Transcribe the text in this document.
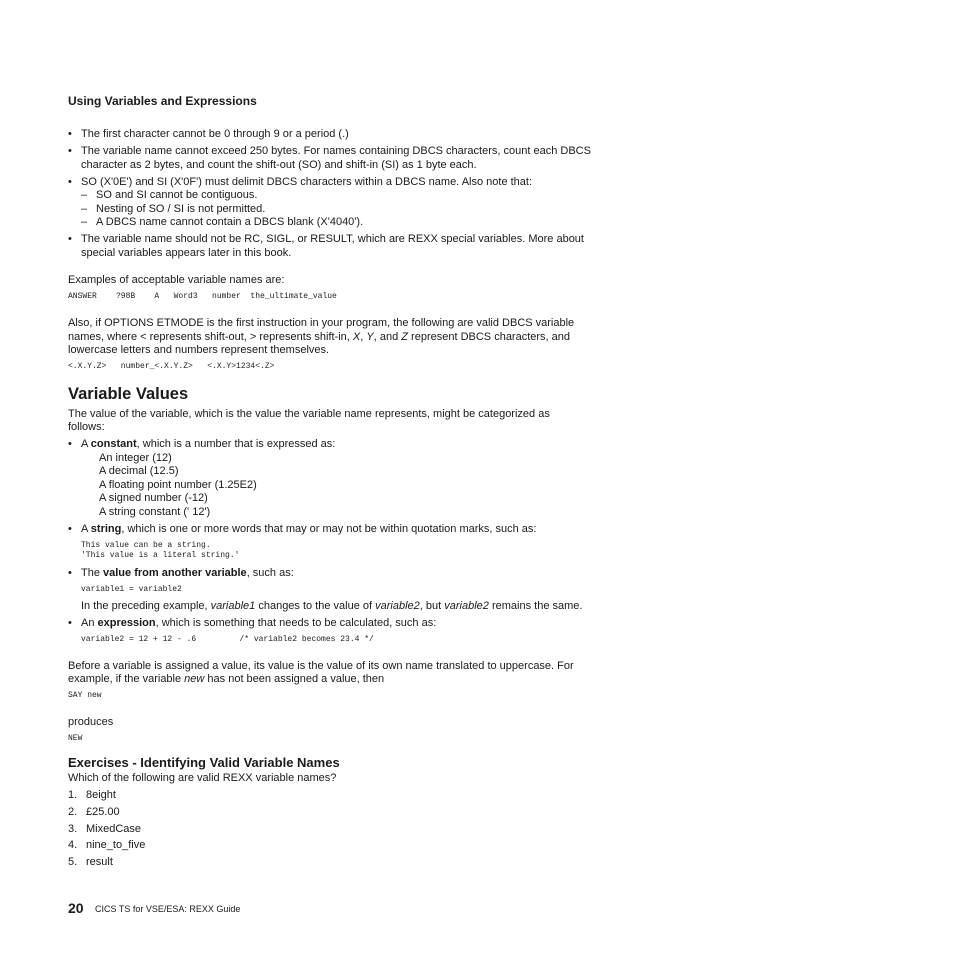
Using Variables and Expressions
• The first character cannot be 0 through 9 or a period (.)
• The variable name cannot exceed 250 bytes. For names containing DBCS characters, count each DBCS character as 2 bytes, and count the shift-out (SO) and shift-in (SI) as 1 byte each.
• SO (X'0E') and SI (X'0F') must delimit DBCS characters within a DBCS name. Also note that:
– SO and SI cannot be contiguous.
– Nesting of SO / SI is not permitted.
– A DBCS name cannot contain a DBCS blank (X'4040').
• The variable name should not be RC, SIGL, or RESULT, which are REXX special variables. More about special variables appears later in this book.
Examples of acceptable variable names are:
ANSWER    ?98B    A   Word3   number  the_ultimate_value
Also, if OPTIONS ETMODE is the first instruction in your program, the following are valid DBCS variable
names, where < represents shift-out, > represents shift-in, X, Y, and Z represent DBCS characters, and
lowercase letters and numbers represent themselves.
<.X.Y.Z>   number_<.X.Y.Z>   <.X.Y>1234<.Z>
Variable Values
The value of the variable, which is the value the variable name represents, might be categorized as
follows:
• A constant, which is a number that is expressed as:
An integer (12)
A decimal (12.5)
A floating point number (1.25E2)
A signed number (-12)
A string constant (' 12')
• A string, which is one or more words that may or may not be within quotation marks, such as:
This value can be a string.
'This value is a literal string.'
• The value from another variable, such as:
variable1 = variable2
In the preceding example, variable1 changes to the value of variable2, but variable2 remains the same.
• An expression, which is something that needs to be calculated, such as:
variable2 = 12 + 12 - .6         /* variable2 becomes 23.4 */
Before a variable is assigned a value, its value is the value of its own name translated to uppercase. For
example, if the variable new has not been assigned a value, then
SAY new
produces
NEW
Exercises - Identifying Valid Variable Names
Which of the following are valid REXX variable names?
1. 8eight
2. £25.00
3. MixedCase
4. nine_to_five
5. result
20 CICS TS for VSE/ESA: REXX Guide
